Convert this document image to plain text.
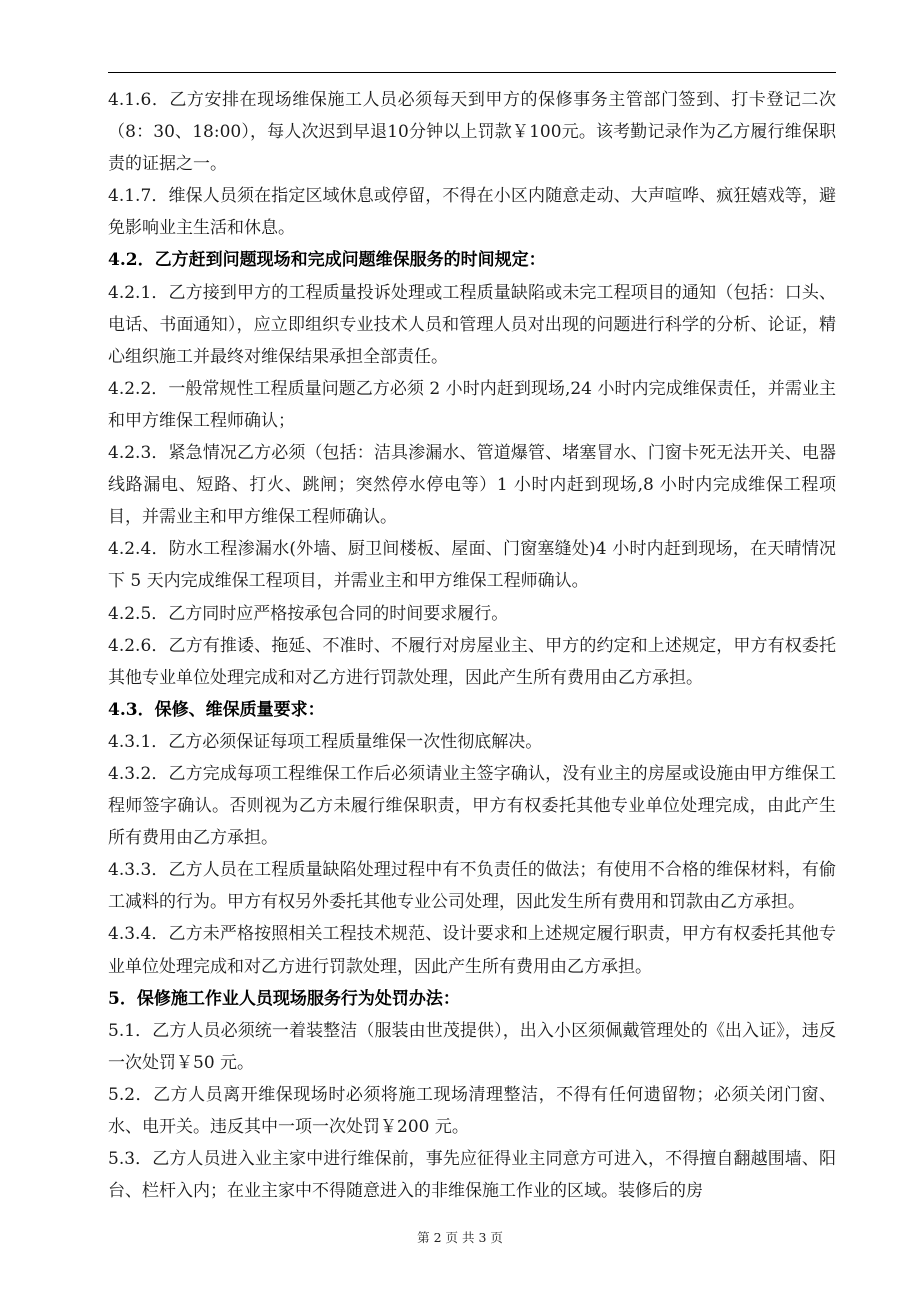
4.1.6．乙方安排在现场维保施工人员必须每天到甲方的保修事务主管部门签到、打卡登记二次（8：30、18:00），每人次迟到早退10分钟以上罚款￥100元。该考勤记录作为乙方履行维保职责的证据之一。

4.1.7．维保人员须在指定区域休息或停留，不得在小区内随意走动、大声喧哗、疯狂嬉戏等，避免影响业主生活和休息。

4.2．乙方赶到问题现场和完成问题维保服务的时间规定：

4.2.1．乙方接到甲方的工程质量投诉处理或工程质量缺陷或未完工程项目的通知（包括：口头、电话、书面通知），应立即组织专业技术人员和管理人员对出现的问题进行科学的分析、论证，精心组织施工并最终对维保结果承担全部责任。

4.2.2．一般常规性工程质量问题乙方必须 2 小时内赶到现场,24 小时内完成维保责任，并需业主和甲方维保工程师确认；

4.2.3．紧急情况乙方必须（包括：洁具渗漏水、管道爆管、堵塞冒水、门窗卡死无法开关、电器线路漏电、短路、打火、跳闸；突然停水停电等）1 小时内赶到现场,8 小时内完成维保工程项目，并需业主和甲方维保工程师确认。

4.2.4．防水工程渗漏水(外墙、厨卫间楼板、屋面、门窗塞缝处)4 小时内赶到现场，在天晴情况下 5 天内完成维保工程项目，并需业主和甲方维保工程师确认。

4.2.5．乙方同时应严格按承包合同的时间要求履行。

4.2.6．乙方有推诿、拖延、不准时、不履行对房屋业主、甲方的约定和上述规定，甲方有权委托其他专业单位处理完成和对乙方进行罚款处理，因此产生所有费用由乙方承担。

4.3．保修、维保质量要求：

4.3.1．乙方必须保证每项工程质量维保一次性彻底解决。

4.3.2．乙方完成每项工程维保工作后必须请业主签字确认，没有业主的房屋或设施由甲方维保工程师签字确认。否则视为乙方未履行维保职责，甲方有权委托其他专业单位处理完成，由此产生所有费用由乙方承担。

4.3.3．乙方人员在工程质量缺陷处理过程中有不负责任的做法；有使用不合格的维保材料，有偷工减料的行为。甲方有权另外委托其他专业公司处理，因此发生所有费用和罚款由乙方承担。

4.3.4．乙方未严格按照相关工程技术规范、设计要求和上述规定履行职责，甲方有权委托其他专业单位处理完成和对乙方进行罚款处理，因此产生所有费用由乙方承担。

5．保修施工作业人员现场服务行为处罚办法：

5.1．乙方人员必须统一着装整洁（服装由世茂提供），出入小区须佩戴管理处的《出入证》，违反一次处罚￥50 元。

5.2．乙方人员离开维保现场时必须将施工现场清理整洁，不得有任何遗留物；必须关闭门窗、水、电开关。违反其中一项一次处罚￥200 元。

5.3．乙方人员进入业主家中进行维保前，事先应征得业主同意方可进入，不得擅自翻越围墙、阳台、栏杆入内；在业主家中不得随意进入的非维保施工作业的区域。装修后的房

第 2 页 共 3 页
